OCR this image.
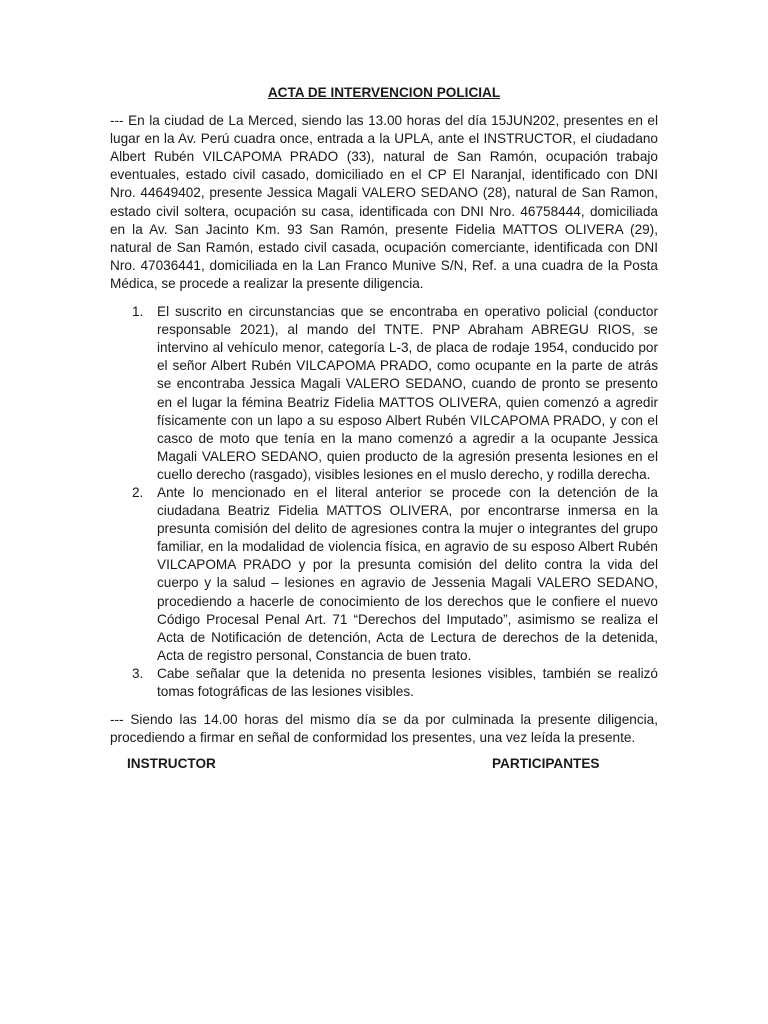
ACTA DE INTERVENCION POLICIAL

--- En la ciudad de La Merced, siendo las 13.00 horas del día 15JUN202, presentes en el lugar en la Av. Perú cuadra once, entrada a la UPLA, ante el INSTRUCTOR, el ciudadano Albert Rubén VILCAPOMA PRADO (33), natural de San Ramón, ocupación trabajo eventuales, estado civil casado, domiciliado en el CP El Naranjal, identificado con DNI Nro. 44649402, presente Jessica Magali VALERO SEDANO (28), natural de San Ramon, estado civil soltera, ocupación su casa, identificada con DNI Nro. 46758444, domiciliada en la Av. San Jacinto Km. 93 San Ramón, presente Fidelia MATTOS OLIVERA (29), natural de San Ramón, estado civil casada, ocupación comerciante, identificada con DNI Nro. 47036441, domiciliada en la Lan Franco Munive S/N, Ref. a una cuadra de la Posta Médica, se procede a realizar la presente diligencia.

1. El suscrito en circunstancias que se encontraba en operativo policial (conductor responsable 2021), al mando del TNTE. PNP Abraham ABREGU RIOS, se intervino al vehículo menor, categoría L-3, de placa de rodaje 1954, conducido por el señor Albert Rubén VILCAPOMA PRADO, como ocupante en la parte de atrás se encontraba Jessica Magali VALERO SEDANO, cuando de pronto se presento en el lugar la fémina Beatriz Fidelia MATTOS OLIVERA, quien comenzó a agredir físicamente con un lapo a su esposo Albert Rubén VILCAPOMA PRADO, y con el casco de moto que tenía en la mano comenzó a agredir a la ocupante Jessica Magali VALERO SEDANO, quien producto de la agresión presenta lesiones en el cuello derecho (rasgado), visibles lesiones en el muslo derecho, y rodilla derecha.
2. Ante lo mencionado en el literal anterior se procede con la detención de la ciudadana Beatriz Fidelia MATTOS OLIVERA, por encontrarse inmersa en la presunta comisión del delito de agresiones contra la mujer o integrantes del grupo familiar, en la modalidad de violencia física, en agravio de su esposo Albert Rubén VILCAPOMA PRADO y por la presunta comisión del delito contra la vida del cuerpo y la salud – lesiones en agravio de Jessenia Magali VALERO SEDANO, procediendo a hacerle de conocimiento de los derechos que le confiere el nuevo Código Procesal Penal Art. 71 “Derechos del Imputado”, asimismo se realiza el Acta de Notificación de detención, Acta de Lectura de derechos de la detenida, Acta de registro personal, Constancia de buen trato.
3. Cabe señalar que la detenida no presenta lesiones visibles, también se realizó tomas fotográficas de las lesiones visibles.

--- Siendo las 14.00 horas del mismo día se da por culminada la presente diligencia, procediendo a firmar en señal de conformidad los presentes, una vez leída la presente.

INSTRUCTOR	PARTICIPANTES
